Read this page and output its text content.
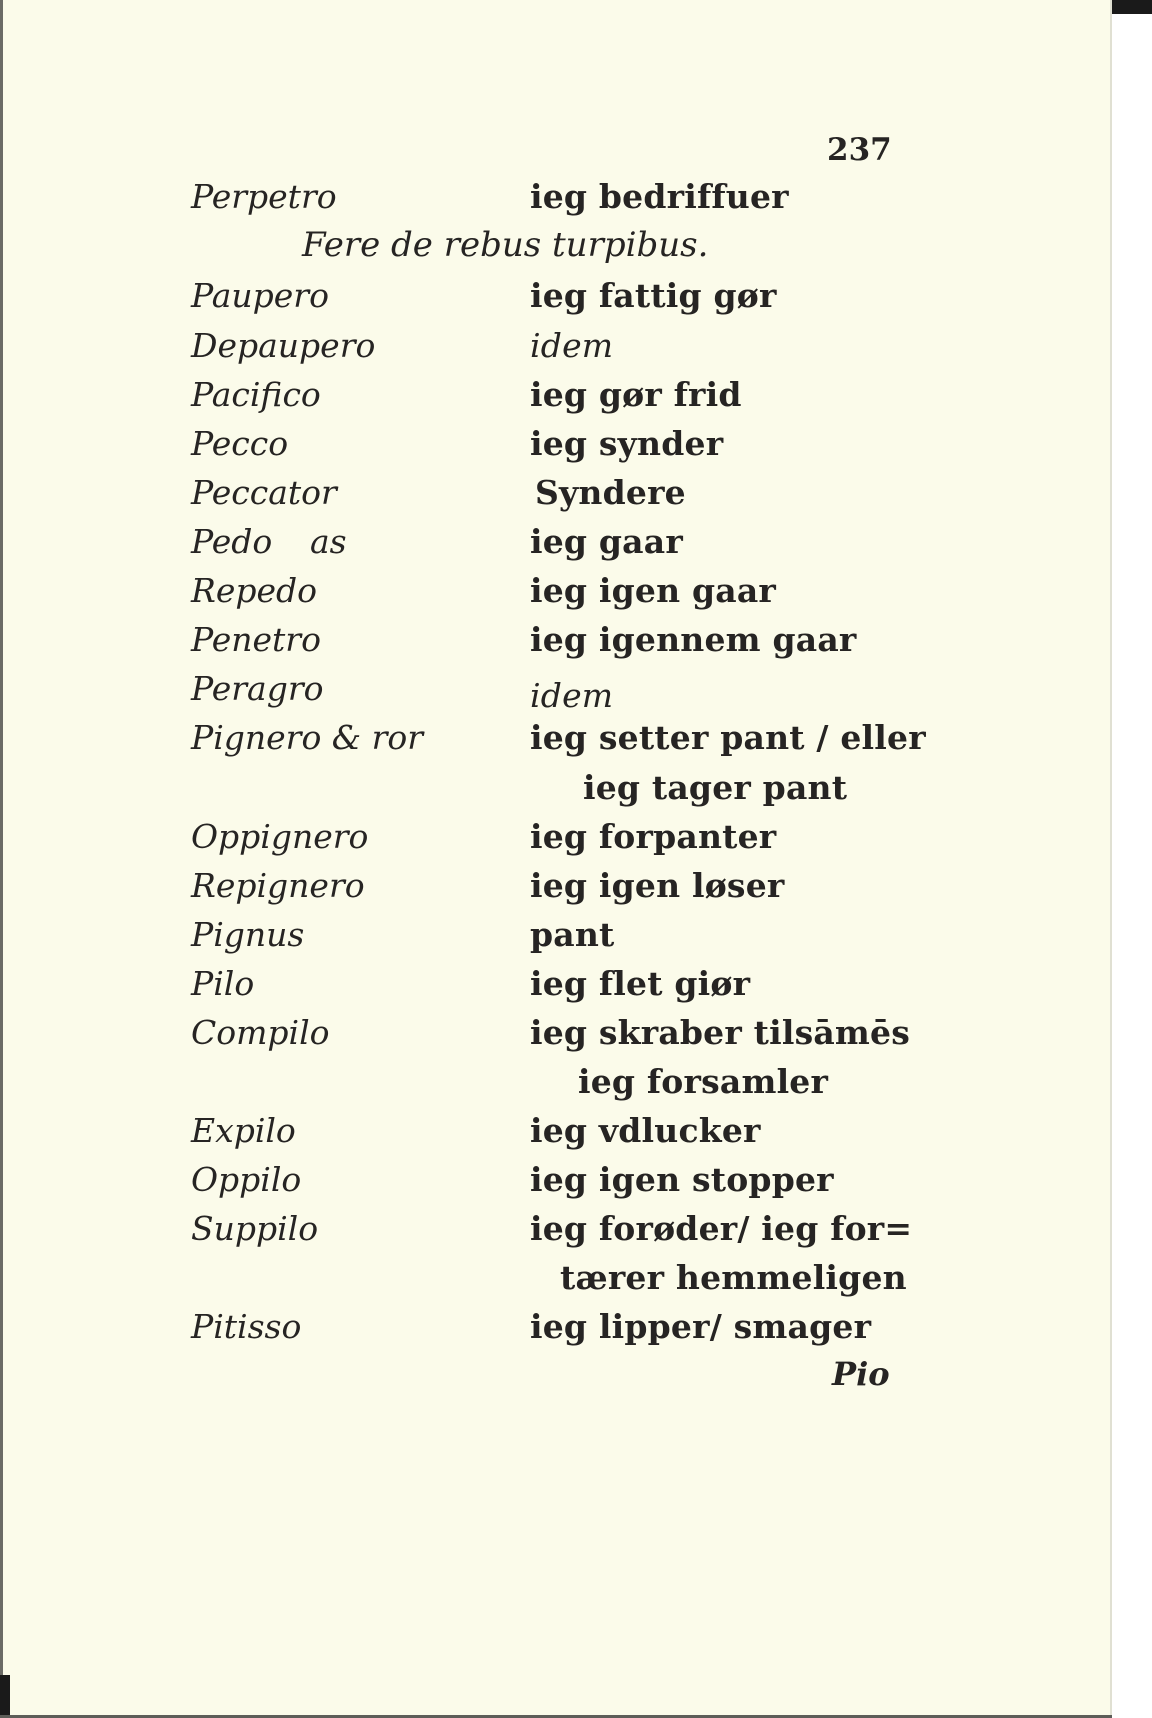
237
Perpetro	ieg bedriffuer
Fere de rebus turpibus.
Paupero	ieg fattig gør
Depaupero	idem
Pacifico	ieg gør frid
Pecco	ieg synder
Peccator	Syndere
Pedo as	ieg gaar
Repedo	ieg igen gaar
Penetro	ieg igennem gaar
Peragro	idem
Pignero & ror	ieg setter pant / eller
ieg tager pant
Oppignero	ieg forpanter
Repignero	ieg igen løser
Pignus	pant
Pilo	ieg flet giør
Compilo	ieg skraber tilsāmēs
ieg forsamler
Expilo	ieg vdlucker
Oppilo	ieg igen stopper
Suppilo	ieg forøder/ ieg for=
tærer hemmeligen
Pitisso	ieg lipper/ smager
Pio
